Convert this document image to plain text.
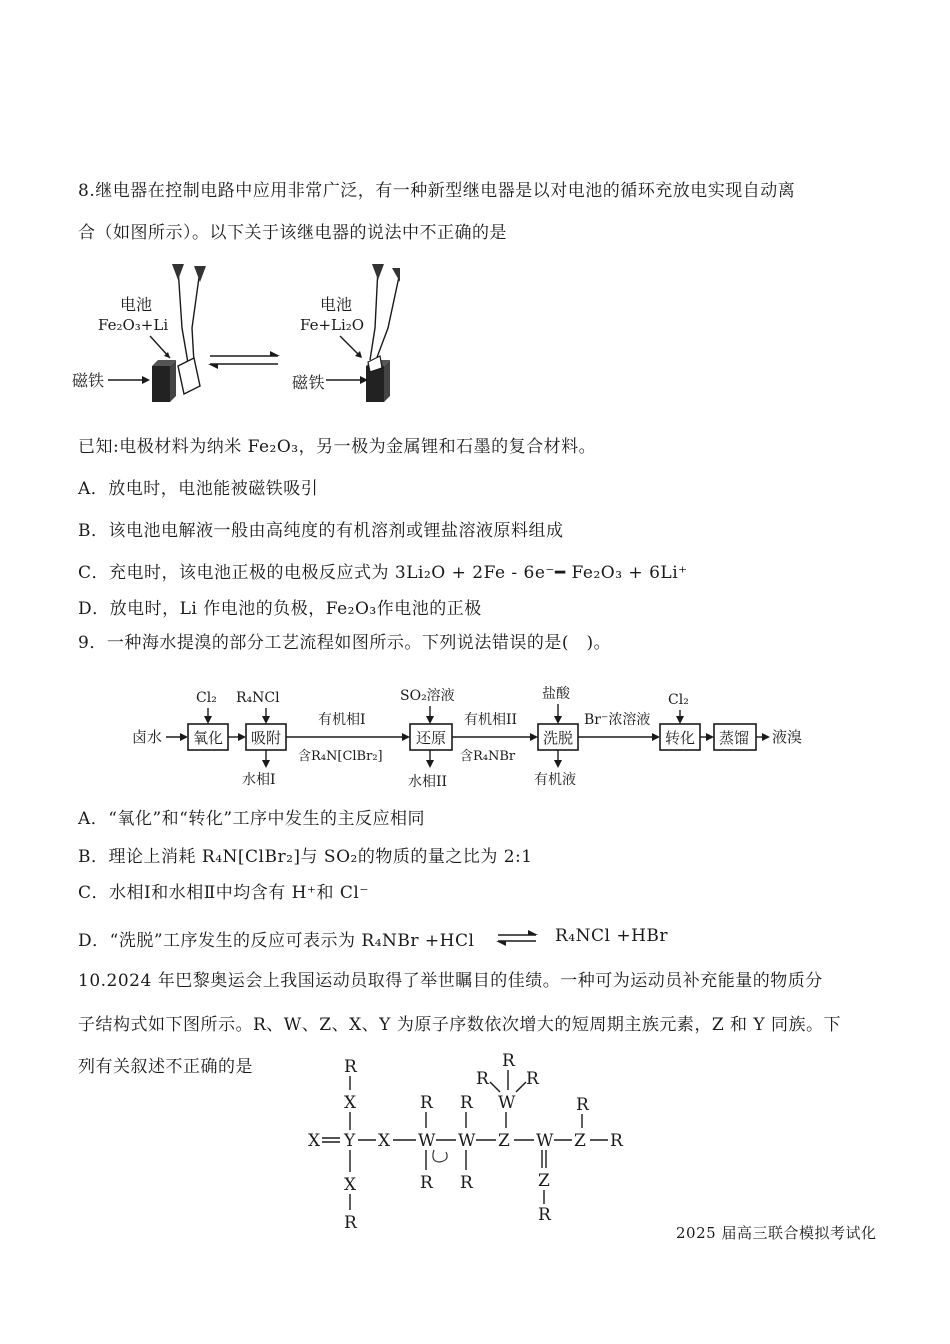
8.继电器在控制电路中应用非常广泛，有一种新型继电器是以对电池的循环充放电实现自动离
合（如图所示）。以下关于该继电器的说法中不正确的是
电池
Fe₂O₃+Li
磁铁
电池
Fe+Li₂O
磁铁
已知:电极材料为纳米 Fe₂O₃，另一极为金属锂和石墨的复合材料。
A．放电时，电池能被磁铁吸引
B．该电池电解液一般由高纯度的有机溶剂或锂盐溶液原料组成
C．充电时，该电池正极的电极反应式为 3Li₂O + 2Fe - 6e⁻━ Fe₂O₃ + 6Li⁺
D．放电时，Li 作电池的负极，Fe₂O₃作电池的正极
9．一种海水提溴的部分工艺流程如图所示。下列说法错误的是(　)。
卤水 氧化
Cl₂
吸附
R₄NCl
水相I
有机相I
含R₄N[ClBr₂]
还原
SO₂溶液
水相II
有机相II
含R₄NBr
洗脱
盐酸
有机液
Br⁻浓溶液
转化
Cl₂
蒸馏 液溴
A．“氧化”和“转化”工序中发生的主反应相同
B．理论上消耗 R₄N[ClBr₂]与 SO₂的物质的量之比为 2:1
C．水相Ⅰ和水相Ⅱ中均含有 H⁺和 Cl⁻
D．“洗脱”工序发生的反应可表示为 R₄NBr +HCl ⇌ R₄NCl +HBr
10.2024 年巴黎奥运会上我国运动员取得了举世瞩目的佳绩。一种可为运动员补充能量的物质分
子结构式如下图所示。R、W、Z、X、Y 为原子序数依次增大的短周期主族元素，Z 和 Y 同族。下
列有关叙述不正确的是	R
X
X Y X W W Z W Z R
X
R
R
R
R
R
W
R
R R
Z
R
R
2025 届高三联合模拟考试化
